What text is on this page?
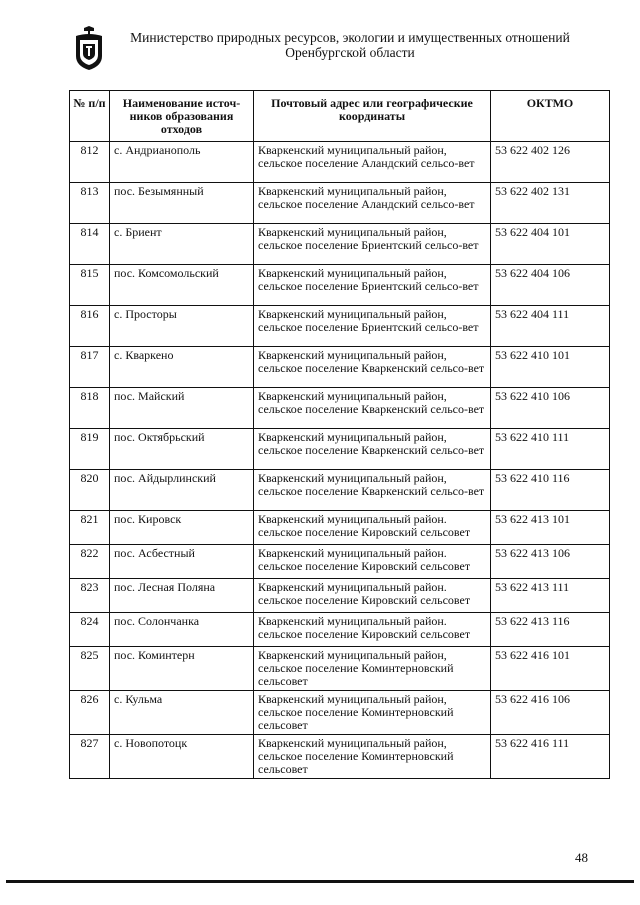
Министерство природных ресурсов, экологии и имущественных отношений
Оренбургской области
№ п/п	Наименование источ-ников образования отходов	Почтовый адрес или географические координаты	ОКТМО
812	с. Андрианополь	Кваркенский муниципальный район, сельское поселение Аландский сельсо-вет	53 622 402 126
813	пос. Безымянный	Кваркенский муниципальный район, сельское поселение Аландский сельсо-вет	53 622 402 131
814	с. Бриент	Кваркенский муниципальный район, сельское поселение Бриентский сельсо-вет	53 622 404 101
815	пос. Комсомольский	Кваркенский муниципальный район, сельское поселение Бриентский сельсо-вет	53 622 404 106
816	с. Просторы	Кваркенский муниципальный район, сельское поселение Бриентский сельсо-вет	53 622 404 111
817	с. Кваркено	Кваркенский муниципальный район, сельское поселение Кваркенский сельсо-вет	53 622 410 101
818	пос. Майский	Кваркенский муниципальный район, сельское поселение Кваркенский сельсо-вет	53 622 410 106
819	пос. Октябрьский	Кваркенский муниципальный район, сельское поселение Кваркенский сельсо-вет	53 622 410 111
820	пос. Айдырлинский	Кваркенский муниципальный район, сельское поселение Кваркенский сельсо-вет	53 622 410 116
821	пос. Кировск	Кваркенский муниципальный район. сельское поселение Кировский сельсовет	53 622 413 101
822	пос. Асбестный	Кваркенский муниципальный район. сельское поселение Кировский сельсовет	53 622 413 106
823	пос. Лесная Поляна	Кваркенский муниципальный район. сельское поселение Кировский сельсовет	53 622 413 111
824	пос. Солончанка	Кваркенский муниципальный район. сельское поселение Кировский сельсовет	53 622 413 116
825	пос. Коминтерн	Кваркенский муниципальный район, сельское поселение Коминтерновский сельсовет	53 622 416 101
826	с. Кульма	Кваркенский муниципальный район, сельское поселение Коминтерновский сельсовет	53 622 416 106
827	с. Новопотоцк	Кваркенский муниципальный район, сельское поселение Коминтерновский сельсовет	53 622 416 111
48
